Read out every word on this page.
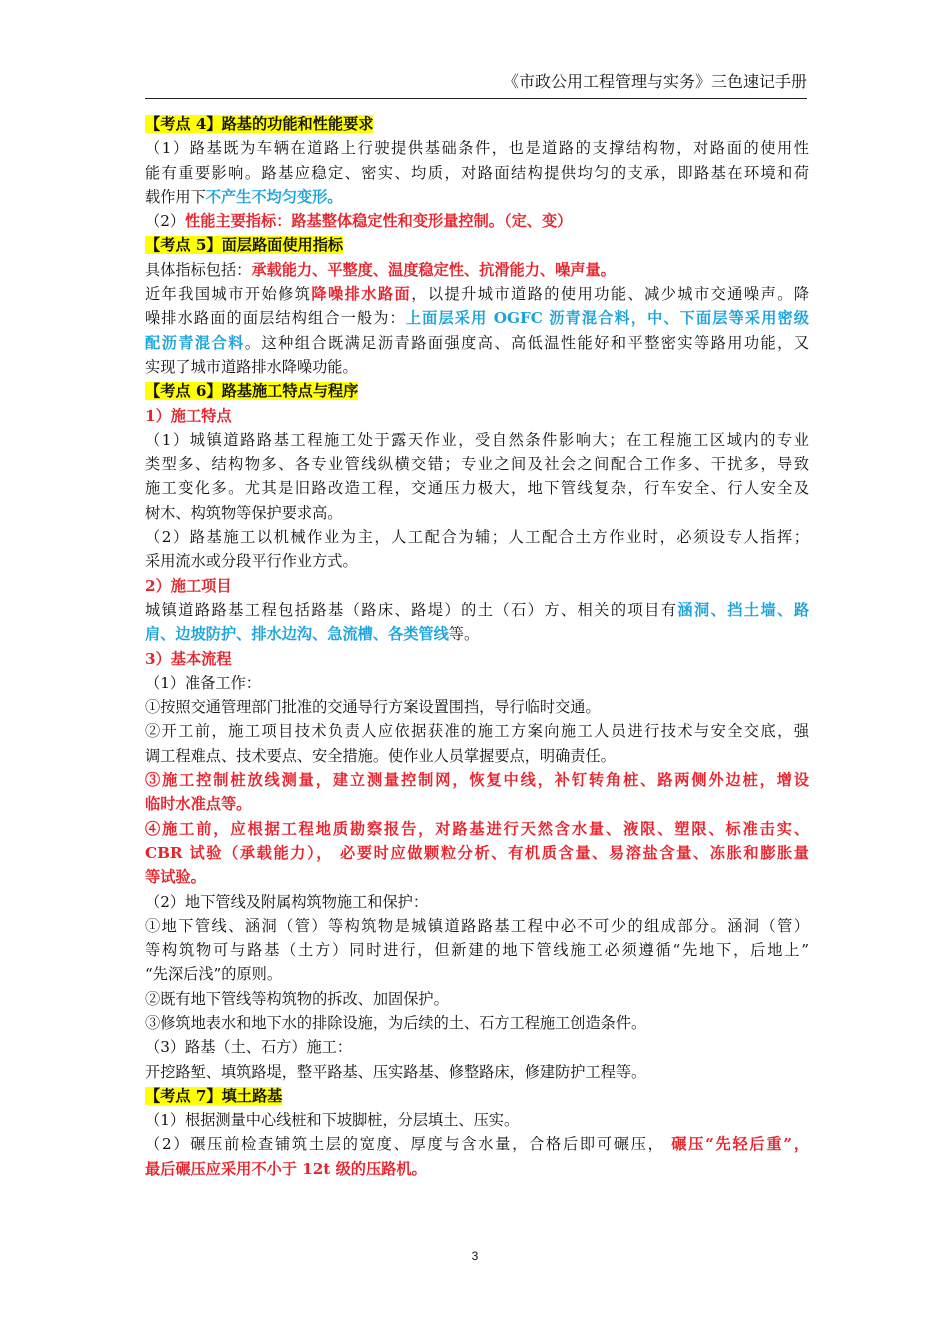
《市政公用工程管理与实务》三色速记手册
【考点 4】路基的功能和性能要求
（1）路基既为车辆在道路上行驶提供基础条件，也是道路的支撑结构物，对路面的使用性
能有重要影响。路基应稳定、密实、均质，对路面结构提供均匀的支承，即路基在环境和荷
载作用下不产生不均匀变形。
（2）性能主要指标：路基整体稳定性和变形量控制。（定、变）
【考点 5】面层路面使用指标
具体指标包括：承载能力、平整度、温度稳定性、抗滑能力、噪声量。
近年我国城市开始修筑降噪排水路面，以提升城市道路的使用功能、减少城市交通噪声。降
噪排水路面的面层结构组合一般为：上面层采用 OGFC 沥青混合料，中、下面层等采用密级
配沥青混合料。这种组合既满足沥青路面强度高、高低温性能好和平整密实等路用功能，又
实现了城市道路排水降噪功能。
【考点 6】路基施工特点与程序
1）施工特点
（1）城镇道路路基工程施工处于露天作业，受自然条件影响大；在工程施工区域内的专业
类型多、结构物多、各专业管线纵横交错；专业之间及社会之间配合工作多、干扰多，导致
施工变化多。尤其是旧路改造工程，交通压力极大，地下管线复杂，行车安全、行人安全及
树木、构筑物等保护要求高。
（2）路基施工以机械作业为主，人工配合为辅；人工配合土方作业时，必须设专人指挥；
采用流水或分段平行作业方式。
2）施工项目
城镇道路路基工程包括路基（路床、路堤）的土（石）方、相关的项目有涵洞、挡土墙、路
肩、边坡防护、排水边沟、急流槽、各类管线等。
3）基本流程
（1）准备工作：
①按照交通管理部门批准的交通导行方案设置围挡，导行临时交通。
②开工前，施工项目技术负责人应依据获准的施工方案向施工人员进行技术与安全交底，强
调工程难点、技术要点、安全措施。使作业人员掌握要点，明确责任。
③施工控制桩放线测量，建立测量控制网，恢复中线，补钉转角桩、路两侧外边桩，增设
临时水准点等。
④施工前，应根据工程地质勘察报告，对路基进行天然含水量、液限、塑限、标准击实、
CBR 试验（承载能力）， 必要时应做颗粒分析、有机质含量、易溶盐含量、冻胀和膨胀量
等试验。
（2）地下管线及附属构筑物施工和保护：
①地下管线、涵洞（管）等构筑物是城镇道路路基工程中必不可少的组成部分。涵洞（管）
等构筑物可与路基（土方）同时进行，但新建的地下管线施工必须遵循“先地下，后地上”
“先深后浅”的原则。
②既有地下管线等构筑物的拆改、加固保护。
③修筑地表水和地下水的排除设施，为后续的土、石方工程施工创造条件。
（3）路基（土、石方）施工：
开挖路堑、填筑路堤，整平路基、压实路基、修整路床，修建防护工程等。
【考点 7】填土路基
（1）根据测量中心线桩和下坡脚桩，分层填土、压实。
（2）碾压前检查铺筑土层的宽度、厚度与含水量，合格后即可碾压， 碾压“先轻后重”，
最后碾压应采用不小于 12t 级的压路机。
3
